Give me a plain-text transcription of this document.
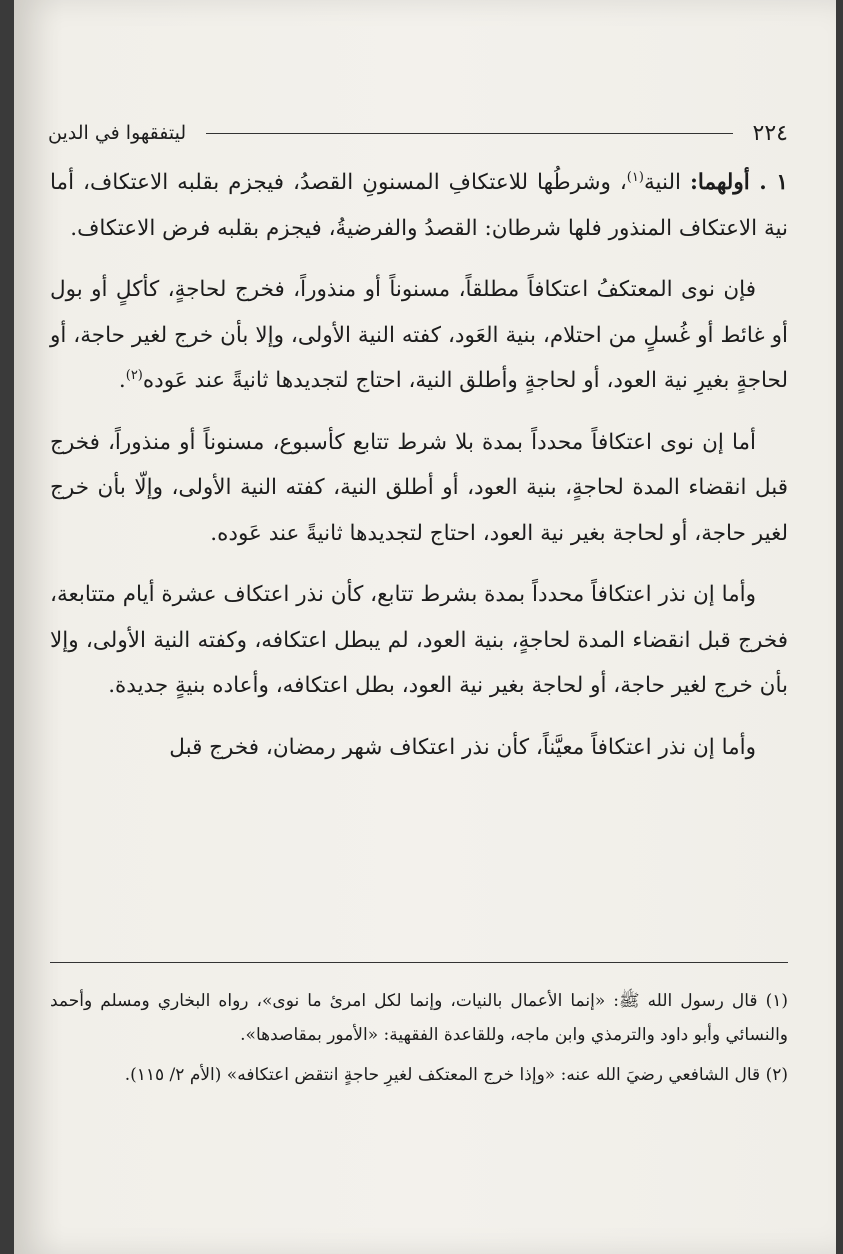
٢٢٤
ليتفقهوا في الدين

١ . أولهما: النية$^{(١)}$، وشرطُها للاعتكافِ المسنونِ القصدُ، فيجزم بقلبه الاعتكاف، أما نية الاعتكاف المنذور فلها شرطان: القصدُ والفرضيةُ، فيجزم بقلبه فرض الاعتكاف.

فإن نوى المعتكفُ اعتكافاً مطلقاً، مسنوناً أو منذوراً، فخرج لحاجةٍ، كأكلٍ أو بول أو غائط أو غُسلٍ من احتلام، بنية العَود، كفته النية الأولى، وإلا بأن خرج لغير حاجة، أو لحاجةٍ بغيرِ نية العود، أو لحاجةٍ وأطلق النية، احتاج لتجديدها ثانيةً عند عَوده$^{(٢)}$.

أما إن نوى اعتكافاً محدداً بمدة بلا شرط تتابع كأسبوع، مسنوناً أو منذوراً، فخرج قبل انقضاء المدة لحاجةٍ، بنية العود، أو أطلق النية، كفته النية الأولى، وإلّا بأن خرج لغير حاجة، أو لحاجة بغير نية العود، احتاج لتجديدها ثانيةً عند عَوده.

وأما إن نذر اعتكافاً محدداً بمدة بشرط تتابع، كأن نذر اعتكاف عشرة أيام متتابعة، فخرج قبل انقضاء المدة لحاجةٍ، بنية العود، لم يبطل اعتكافه، وكفته النية الأولى، وإلا بأن خرج لغير حاجة، أو لحاجة بغير نية العود، بطل اعتكافه، وأعاده بنيةٍ جديدة.

وأما إن نذر اعتكافاً معيَّناً، كأن نذر اعتكاف شهر رمضان، فخرج قبل

(١) قال رسول الله ﷺ: «إنما الأعمال بالنيات، وإنما لكل امرئ ما نوى»، رواه البخاري ومسلم وأحمد والنسائي وأبو داود والترمذي وابن ماجه، وللقاعدة الفقهية: «الأمور بمقاصدها».

(٢) قال الشافعي رضيَ الله عنه: «وإذا خرج المعتكف لغيرِ حاجةٍ انتقض اعتكافه» (الأم ٢/ ١١٥).
